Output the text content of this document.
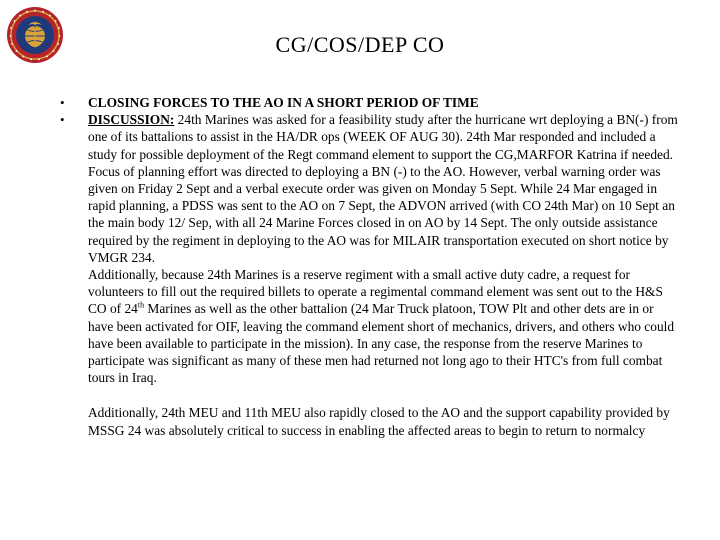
CG/COS/DEP CO
• CLOSING FORCES TO THE AO IN A SHORT PERIOD OF TIME
• DISCUSSION: 24th Marines was asked for a feasibility study after the hurricane wrt deploying a BN(-) from one of its battalions to assist in the HA/DR ops (WEEK OF AUG 30). 24th Mar responded and included a study for possible deployment of the Regt command element to support the CG,MARFOR Katrina if needed. Focus of planning effort was directed to deploying a BN (-) to the AO. However, verbal warning order was given on Friday 2 Sept and a verbal execute order was given on Monday 5 Sept. While 24 Mar engaged in rapid planning, a PDSS was sent to the AO on 7 Sept, the ADVON arrived (with CO 24th Mar) on 10 Sept an the main body 12/ Sep, with all 24 Marine Forces closed in on AO by 14 Sept. The only outside assistance required by the regiment in deploying to the AO was for MILAIR transportation executed on short notice by VMGR 234.

Additionally, because 24th Marines is a reserve regiment with a small active duty cadre, a request for volunteers to fill out the required billets to operate a regimental command element was sent out to the H&S CO of 24th Marines as well as the other battalion (24 Mar Truck platoon, TOW Plt and other dets are in or have been activated for OIF, leaving the command element short of mechanics, drivers, and others who could have been available to participate in the mission). In any case, the response from the reserve Marines to participate was significant as many of these men had returned not long ago to their HTC's from full combat tours in Iraq.

Additionally, 24th MEU and 11th MEU also rapidly closed to the AO and the support capability provided by MSSG 24 was absolutely critical to success in enabling the affected areas to begin to return to normalcy
